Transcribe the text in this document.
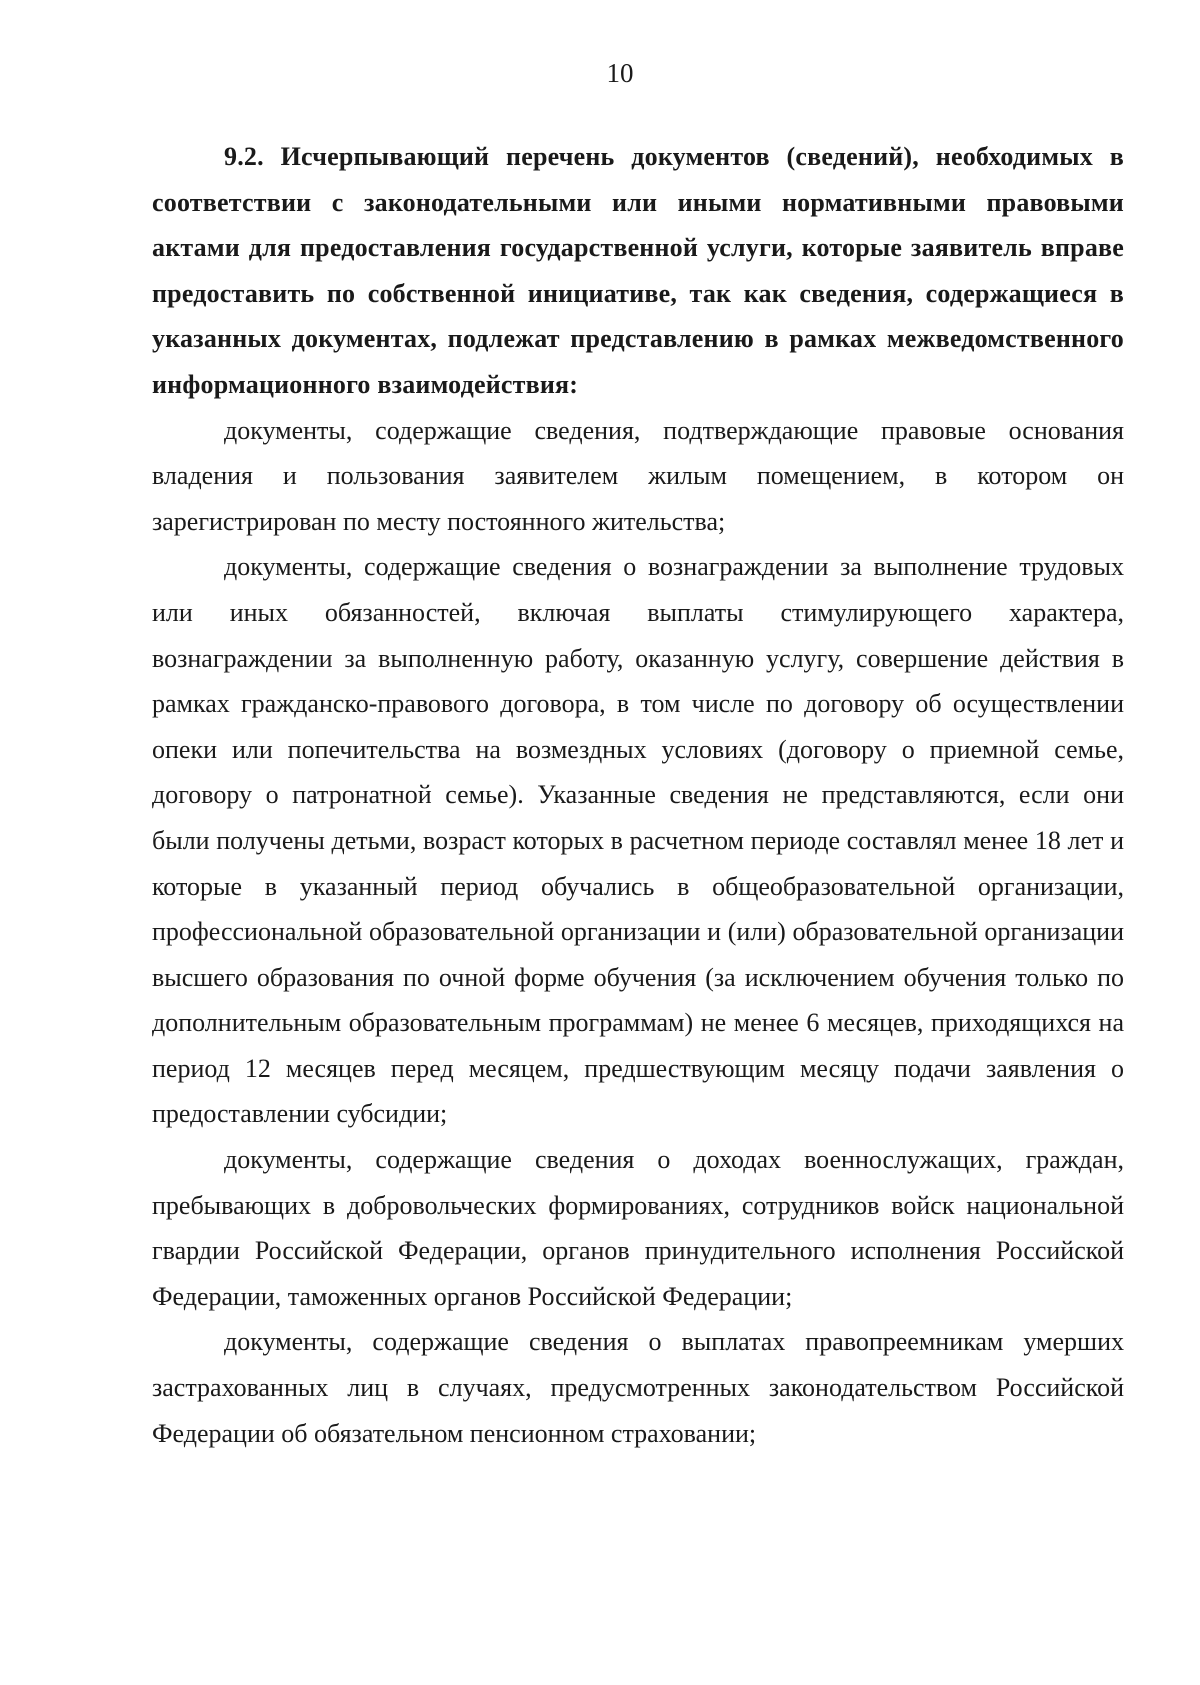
10

9.2. Исчерпывающий перечень документов (сведений), необходимых в соответствии с законодательными или иными нормативными правовыми актами для предоставления государственной услуги, которые заявитель вправе предоставить по собственной инициативе, так как сведения, содержащиеся в указанных документах, подлежат представлению в рамках межведомственного информационного взаимодействия:

документы, содержащие сведения, подтверждающие правовые основания владения и пользования заявителем жилым помещением, в котором он зарегистрирован по месту постоянного жительства;

документы, содержащие сведения о вознаграждении за выполнение трудовых или иных обязанностей, включая выплаты стимулирующего характера, вознаграждении за выполненную работу, оказанную услугу, совершение действия в рамках гражданско-правового договора, в том числе по договору об осуществлении опеки или попечительства на возмездных условиях (договору о приемной семье, договору о патронатной семье). Указанные сведения не представляются, если они были получены детьми, возраст которых в расчетном периоде составлял менее 18 лет и которые в указанный период обучались в общеобразовательной организации, профессиональной образовательной организации и (или) образовательной организации высшего образования по очной форме обучения (за исключением обучения только по дополнительным образовательным программам) не менее 6 месяцев, приходящихся на период 12 месяцев перед месяцем, предшествующим месяцу подачи заявления о предоставлении субсидии;

документы, содержащие сведения о доходах военнослужащих, граждан, пребывающих в добровольческих формированиях, сотрудников войск национальной гвардии Российской Федерации, органов принудительного исполнения Российской Федерации, таможенных органов Российской Федерации;

документы, содержащие сведения о выплатах правопреемникам умерших застрахованных лиц в случаях, предусмотренных законодательством Российской Федерации об обязательном пенсионном страховании;
